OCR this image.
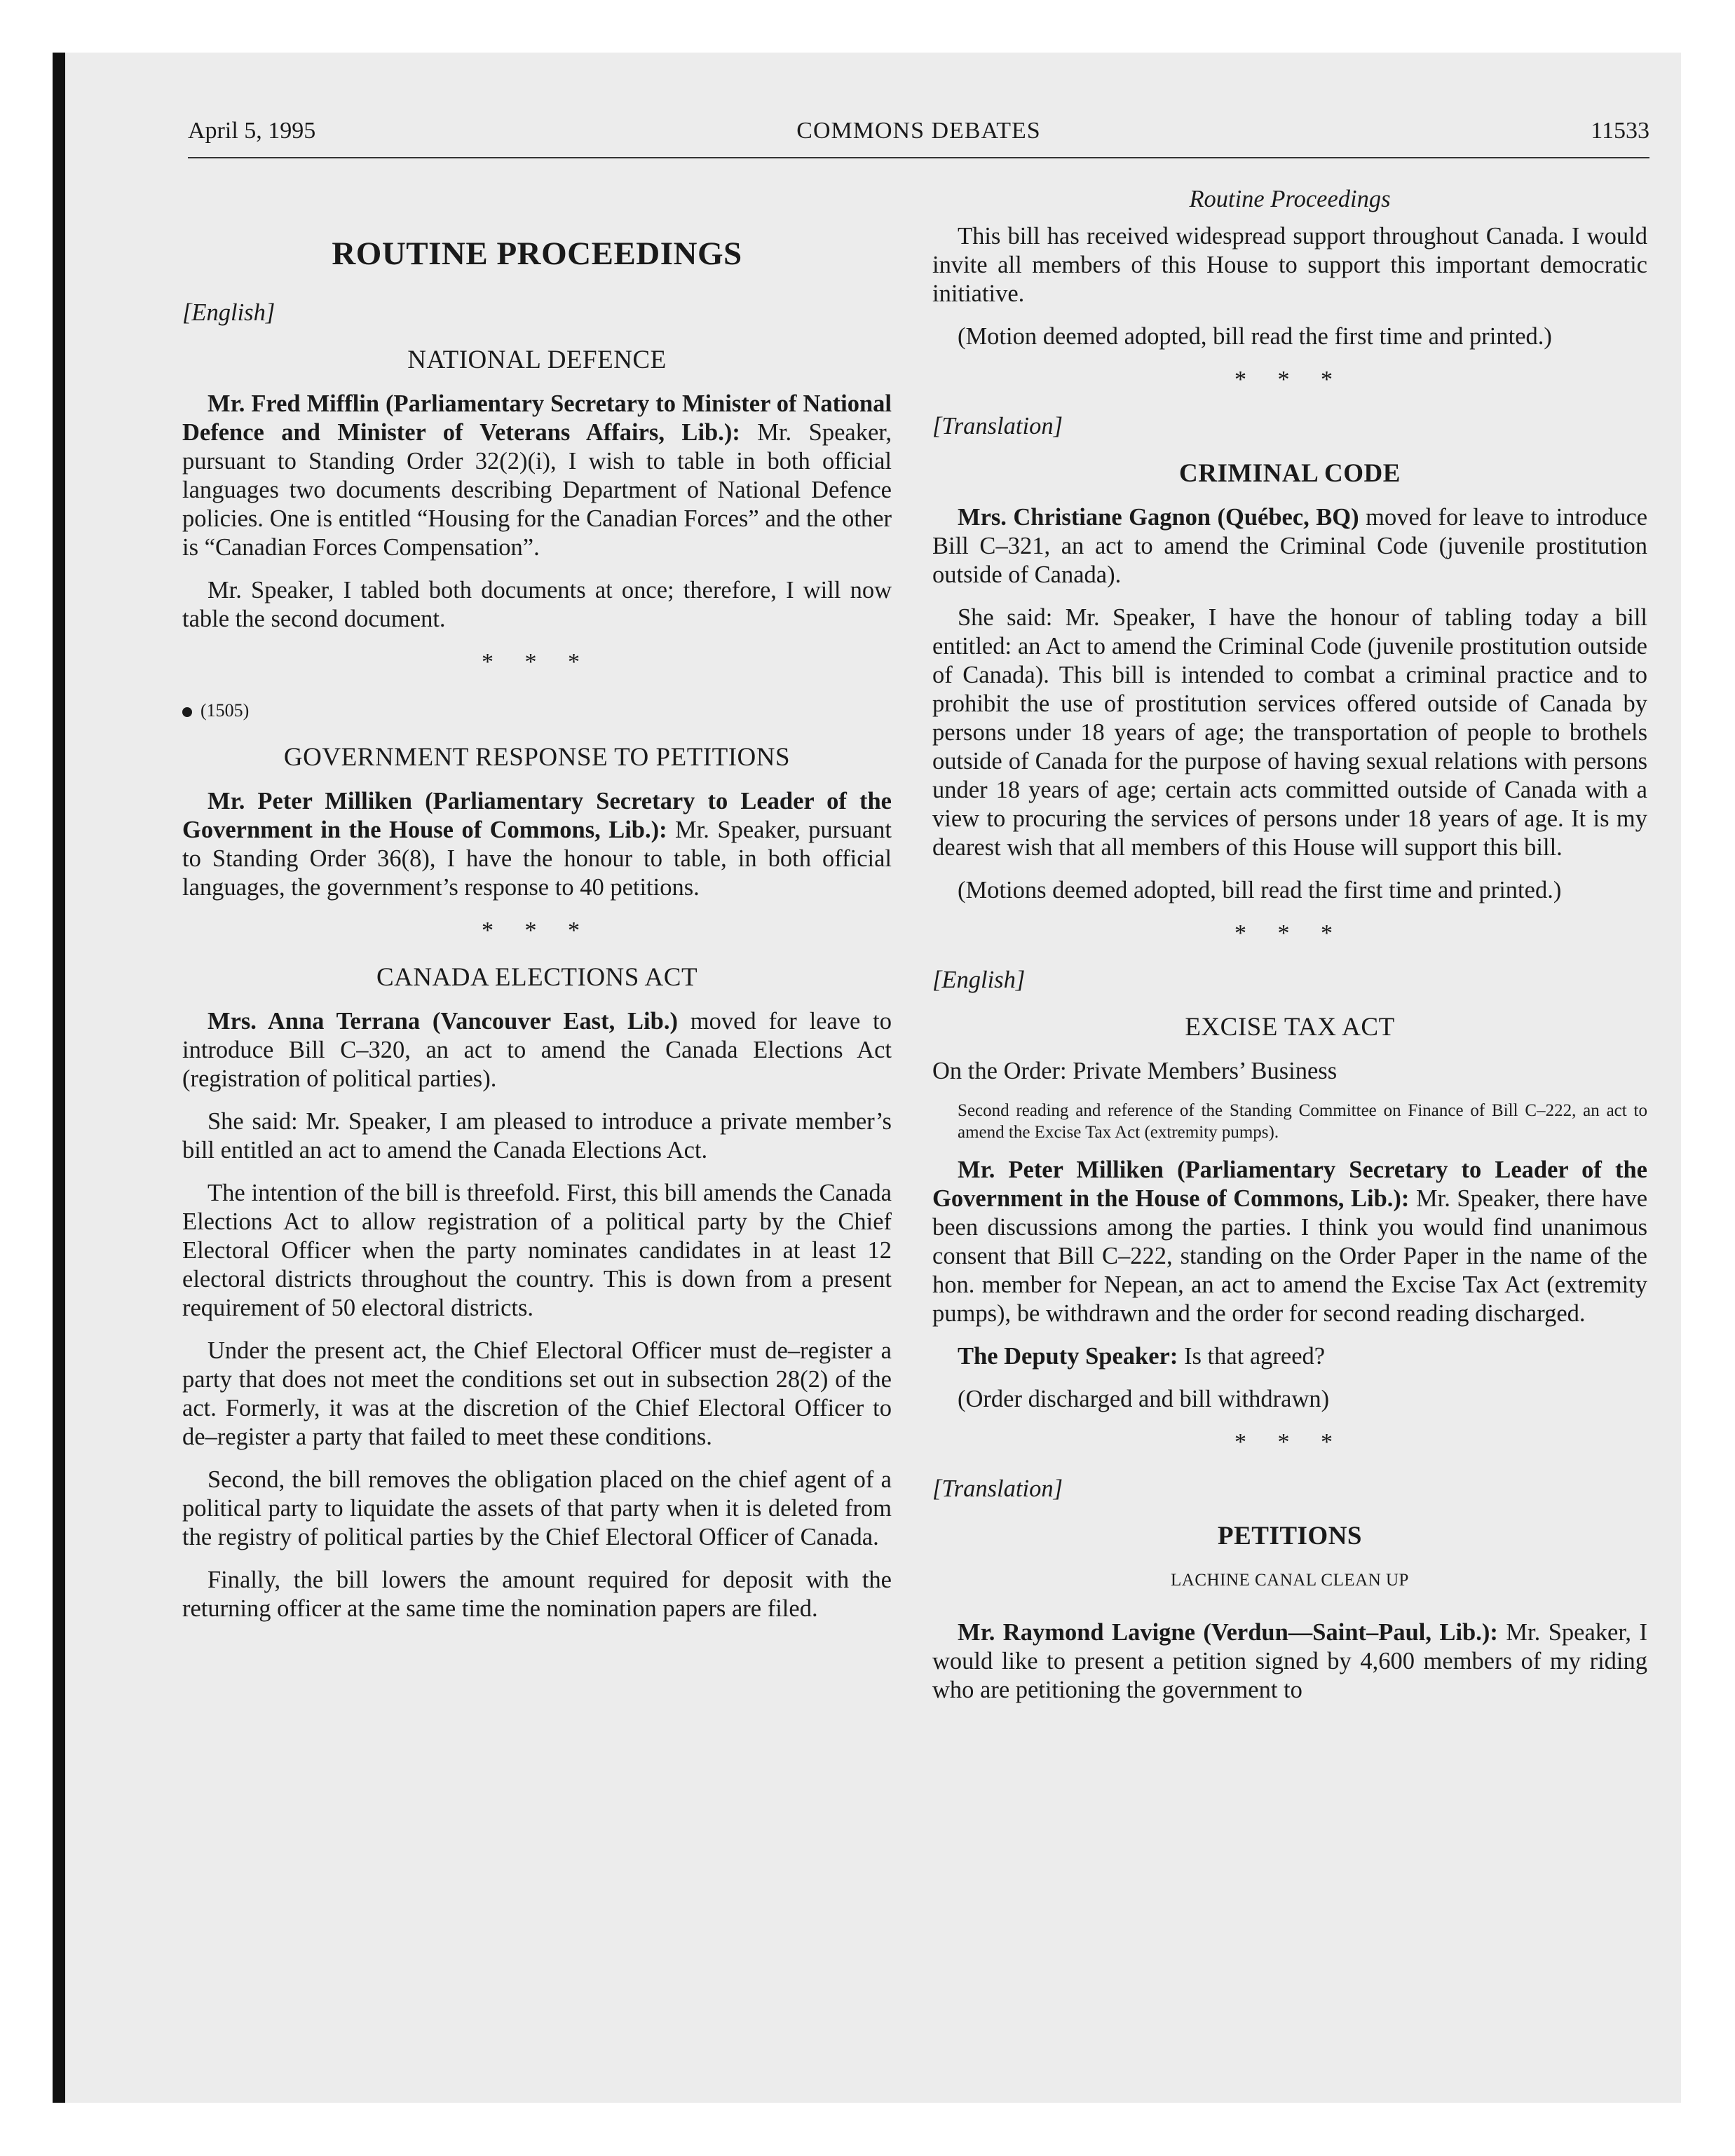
COMMONS DEBATES
April 5, 1995	11533
ROUTINE PROCEEDINGS
[English]
NATIONAL DEFENCE

Mr. Fred Mifflin (Parliamentary Secretary to Minister of National Defence and Minister of Veterans Affairs, Lib.): Mr. Speaker, pursuant to Standing Order 32(2)(i), I wish to table in both official languages two documents describing Department of National Defence policies. One is entitled “Housing for the Canadian Forces” and the other is “Canadian Forces Compensation”.

Mr. Speaker, I tabled both documents at once; therefore, I will now table the second document.

* * *
(1505)
GOVERNMENT RESPONSE TO PETITIONS

Mr. Peter Milliken (Parliamentary Secretary to Leader of the Government in the House of Commons, Lib.): Mr. Speaker, pursuant to Standing Order 36(8), I have the honour to table, in both official languages, the government’s response to 40 petitions.

* * *
CANADA ELECTIONS ACT

Mrs. Anna Terrana (Vancouver East, Lib.) moved for leave to introduce Bill C–320, an act to amend the Canada Elections Act (registration of political parties).

She said: Mr. Speaker, I am pleased to introduce a private member’s bill entitled an act to amend the Canada Elections Act.

The intention of the bill is threefold. First, this bill amends the Canada Elections Act to allow registration of a political party by the Chief Electoral Officer when the party nominates candidates in at least 12 electoral districts throughout the country. This is down from a present requirement of 50 electoral districts.

Under the present act, the Chief Electoral Officer must de–register a party that does not meet the conditions set out in subsection 28(2) of the act. Formerly, it was at the discretion of the Chief Electoral Officer to de–register a party that failed to meet these conditions.

Second, the bill removes the obligation placed on the chief agent of a political party to liquidate the assets of that party when it is deleted from the registry of political parties by the Chief Electoral Officer of Canada.

Finally, the bill lowers the amount required for deposit with the returning officer at the same time the nomination papers are filed.

Routine Proceedings

This bill has received widespread support throughout Canada. I would invite all members of this House to support this important democratic initiative.

(Motion deemed adopted, bill read the first time and printed.)

* * *
[Translation]
CRIMINAL CODE

Mrs. Christiane Gagnon (Québec, BQ) moved for leave to introduce Bill C–321, an act to amend the Criminal Code (juvenile prostitution outside of Canada).

She said: Mr. Speaker, I have the honour of tabling today a bill entitled: an Act to amend the Criminal Code (juvenile prostitution outside of Canada). This bill is intended to combat a criminal practice and to prohibit the use of prostitution services offered outside of Canada by persons under 18 years of age; the transportation of people to brothels outside of Canada for the purpose of having sexual relations with persons under 18 years of age; certain acts committed outside of Canada with a view to procuring the services of persons under 18 years of age. It is my dearest wish that all members of this House will support this bill.

(Motions deemed adopted, bill read the first time and printed.)

* * *
[English]
EXCISE TAX ACT

On the Order: Private Members’ Business

Second reading and reference of the Standing Committee on Finance of Bill C–222, an act to amend the Excise Tax Act (extremity pumps).

Mr. Peter Milliken (Parliamentary Secretary to Leader of the Government in the House of Commons, Lib.): Mr. Speaker, there have been discussions among the parties. I think you would find unanimous consent that Bill C–222, standing on the Order Paper in the name of the hon. member for Nepean, an act to amend the Excise Tax Act (extremity pumps), be withdrawn and the order for second reading discharged.

The Deputy Speaker: Is that agreed?

(Order discharged and bill withdrawn)

* * *
[Translation]
PETITIONS
LACHINE CANAL CLEAN UP

Mr. Raymond Lavigne (Verdun—Saint–Paul, Lib.): Mr. Speaker, I would like to present a petition signed by 4,600 members of my riding who are petitioning the government to
